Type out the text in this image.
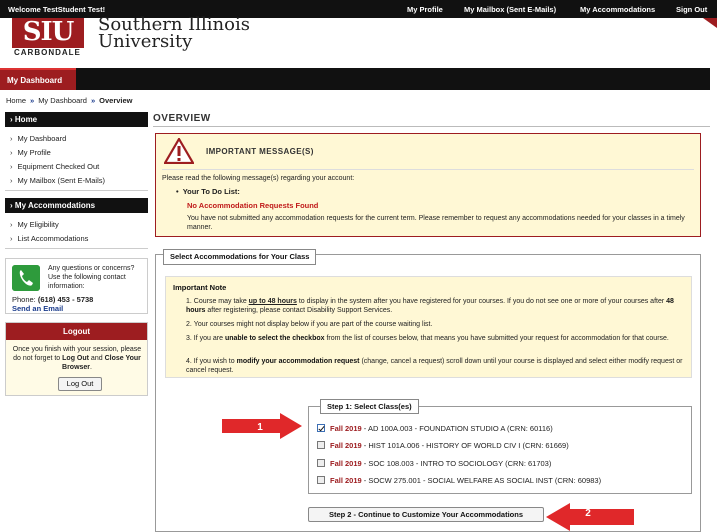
Welcome TestStudent Test!	My Profile	My Mailbox (Sent E-Mails)	My Accommodations	Sign Out
SIU
CARBONDALE
Southern Illinois
University
My Dashboard
Home » My Dashboard » Overview
› Home
› My Dashboard
› My Profile
› Equipment Checked Out
› My Mailbox (Sent E-Mails)
› My Accommodations
› My Eligibility
› List Accommodations
Any questions or concerns? Use the following contact information:
Phone: (618) 453 - 5738
Send an Email
Logout
Once you finish with your session, please do not forget to Log Out and Close Your Browser.
Log Out
OVERVIEW
IMPORTANT MESSAGE(S)
Please read the following message(s) regarding your account:
• Your To Do List:
No Accommodation Requests Found
You have not submitted any accommodation requests for the current term. Please remember to request any accommodations needed for your classes in a timely manner.
Select Accommodations for Your Class
Important Note
1. Course may take up to 48 hours to display in the system after you have registered for your courses. If you do not see one or more of your courses after 48 hours after registering, please contact Disability Support Services.
2. Your courses might not display below if you are part of the course waiting list.
3. If you are unable to select the checkbox from the list of courses below, that means you have submitted your request for accommodation for that course.
4. If you wish to modify your accommodation request (change, cancel a request) scroll down until your course is displayed and select either modify request or cancel request.
Step 1: Select Class(es)
Fall 2019 - AD 100A.003 - FOUNDATION STUDIO A (CRN: 60116)
Fall 2019 - HIST 101A.006 - HISTORY OF WORLD CIV I (CRN: 61669)
Fall 2019 - SOC 108.003 - INTRO TO SOCIOLOGY (CRN: 61703)
Fall 2019 - SOCW 275.001 - SOCIAL WELFARE AS SOCIAL INST (CRN: 60983)
Step 2 - Continue to Customize Your Accommodations
1
2
